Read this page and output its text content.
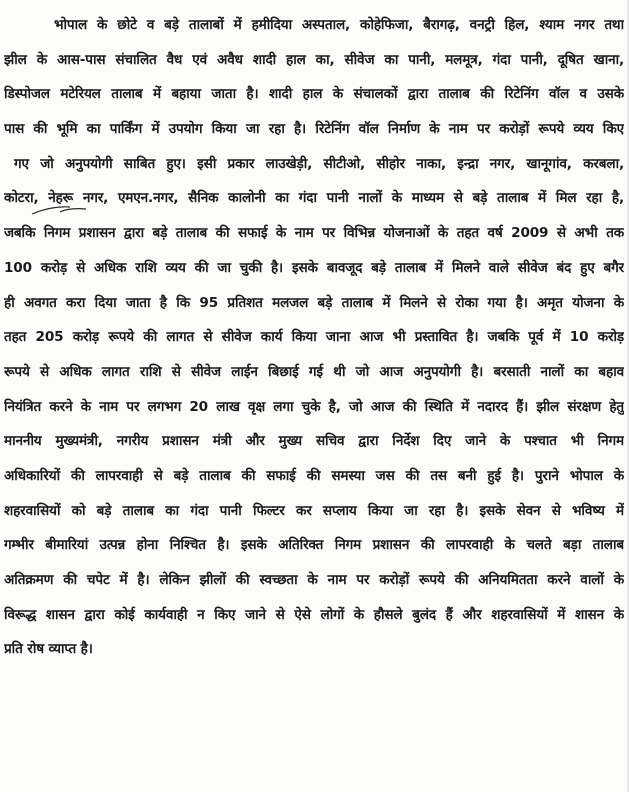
भोपाल के छोटे व बड़े तालाबों में हमीदिया अस्पताल, कोहेफिजा, बैरागढ़, वनट्री हिल, श्याम नगर तथा
झील के आस-पास संचालित वैध एवं अवैध शादी हाल का, सीवेज का पानी, मलमूत्र, गंदा पानी, दूषित खाना,
डिस्पोजल मटेरियल तालाब में बहाया जाता है। शादी हाल के संचालकों द्वारा तालाब की रिटेनिंग वॉल व उसके
पास की भूमि का पार्किंग में उपयोग किया जा रहा है। रिटेनिंग वॉल निर्माण के नाम पर करोड़ों रूपये व्यय किए
गए जो अनुपयोगी साबित हुए। इसी प्रकार लाउखेड़ी, सीटीओ, सीहोर नाका, इन्द्रा नगर, खानूगांव, करबला,
कोटरा, नेहरू नगर, एमएन.नगर, सैनिक कालोनी का गंदा पानी नालों के माध्यम से बड़े तालाब में मिल रहा है,
जबकि निगम प्रशासन द्वारा बड़े तालाब की सफाई के नाम पर विभिन्न योजनाओं के तहत वर्ष 2009 से अभी तक
100 करोड़ से अधिक राशि व्यय की जा चुकी है। इसके बावजूद बड़े तालाब में मिलने वाले सीवेज बंद हुए बगैर
ही अवगत करा दिया जाता है कि 95 प्रतिशत मलजल बड़े तालाब में मिलने से रोका गया है। अमृत योजना के
तहत 205 करोड़ रूपये की लागत से सीवेज कार्य किया जाना आज भी प्रस्तावित है। जबकि पूर्व में 10 करोड़
रूपये से अधिक लागत राशि से सीवेज लाईन बिछाई गई थी जो आज अनुपयोगी है। बरसाती नालों का बहाव
नियंत्रित करने के नाम पर लगभग 20 लाख वृक्ष लगा चुके है, जो आज की स्थिति में नदारद हैं। झील संरक्षण हेतु
माननीय मुख्यमंत्री, नगरीय प्रशासन मंत्री और मुख्य सचिव द्वारा निर्देश दिए जाने के पश्चात भी निगम
अधिकारियों की लापरवाही से बड़े तालाब की सफाई की समस्या जस की तस बनी हुई है। पुराने भोपाल के
शहरवासियों को बड़े तालाब का गंदा पानी फिल्टर कर सप्लाय किया जा रहा है। इसके सेवन से भविष्य में
गम्भीर बीमारियां उत्पन्न होना निश्चित है। इसके अतिरिक्त निगम प्रशासन की लापरवाही के चलते बड़ा तालाब
अतिक्रमण की चपेट में है। लेकिन झीलों की स्वच्छता के नाम पर करोड़ों रूपये की अनियमितता करने वालों के
विरूद्ध शासन द्वारा कोई कार्यवाही न किए जाने से ऐसे लोगों के हौसले बुलंद हैं और शहरवासियों में शासन के
प्रति रोष व्याप्त है।
